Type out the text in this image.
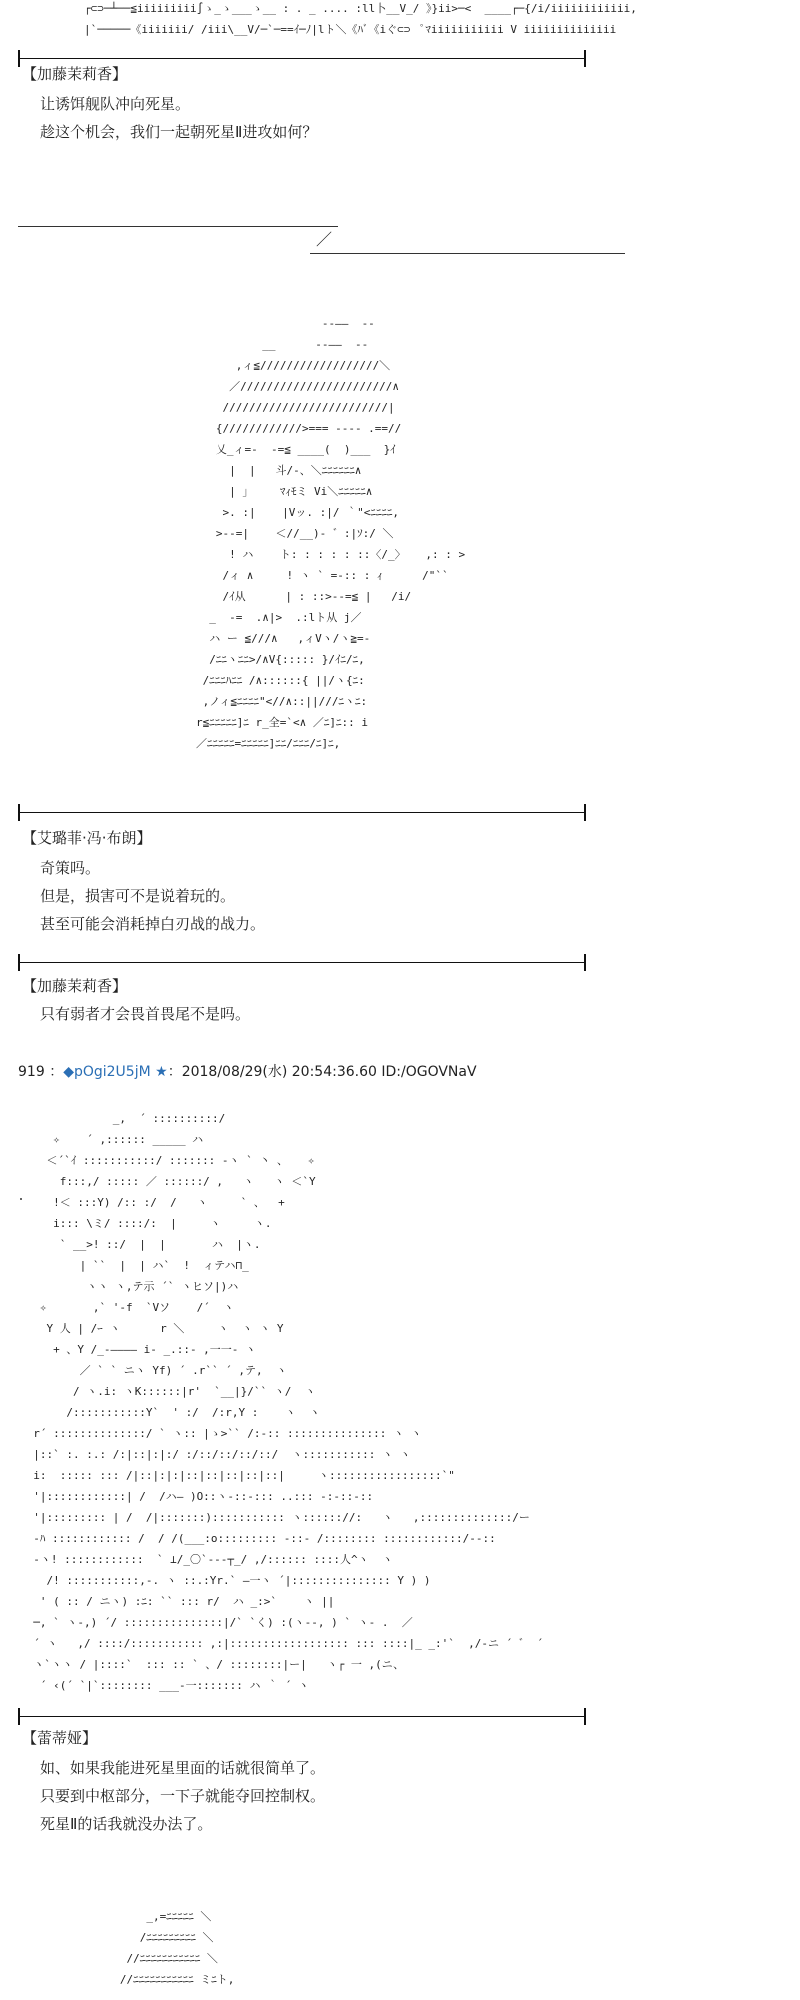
┌⊂⊃─┴──≦iiiiiiiii∫ゝ_ゝ___ゝ__ : . _ .... :ll卜__V_/ 》}ii>─<  ____┌─{/i/iiiiiiiiiiii,
|`─────《iiiiiii/ /iii\__V/─`─==ｲ─ﾉ|lト＼《ﾊﾞ《iぐ⊂⊃  ﾟﾏiiiiiiiiiii V iiiiiiiiiiiiii
【加藤茉莉香】
让诱饵舰队冲向死星。
趁这个机会，我们一起朝死星Ⅱ进攻如何？
／
__      ‐-――  ‐-
,ィ≦//////////////////＼
／///////////////////////∧
/////////////////////////|
{////////////>=== ---- .==//
乂_ィ=-  -=≦ ____(  )___  }ｲ
|  |   斗/-、＼ﾆﾆﾆﾆﾆﾆ∧
| 」    ﾏｨﾓミ Vi＼ﾆﾆﾆﾆﾆ∧
>. :|    |Vッ. :|/ ｀"<ﾆﾆﾆﾆ,
>--=|    ＜//__)- ゛:|ｿ:/ ＼
! ハ    ト: : : : : ::〈/_〉   ,: : >
/ィ ∧     ! ヽ ` =-:: : ｨ      /"``
/ｲ从      | : ::>--=≦ |   /i/
_  -=  .∧|>  .:lト从 j／
ハ ー ≦///∧   ,ィVヽ/ヽ≧=-
/ﾆﾆヽﾆﾆ>/∧V{::::: }/ｲﾆ/ﾆ,
/ﾆﾆﾆﾊﾆﾆ /∧::::::{ ||/ヽ{ﾆ:
,ノィ≦ﾆﾆﾆﾆ"<//∧::||///ﾆヽﾆ:
r≦ﾆﾆﾆﾆﾆ]ﾆ r_全=`<∧ ／ﾆ]ﾆ:: i
／ﾆﾆﾆﾆﾆ=ﾆﾆﾆﾆﾆ]ﾆﾆ/ﾆﾆﾆ/ﾆ]ﾆ,
‐-――  ‐-
【艾璐菲·冯·布朗】
奇策吗。
但是，损害可不是说着玩的。
甚至可能会消耗掉白刃战的战力。
【加藤茉莉香】
只有弱者才会畏首畏尾不是吗。
919 ：◆pOgi2U5jM ★：2018/08/29(水) 20:54:36.60 ID:/OGOVNaV
_,  ´ ::::::::::/
✧    ´ ,:::::: _____ ハ
＜´`ｲ :::::::::::/ ::::::: -ヽ ` 丶 、   ✧
f:::,/ ::::: ／ ::::::/ ,   ヽ   ヽ ＜`Y
!＜ :::Y) /:: :/  /   ヽ     ` 、  +
i::: \ミ/ ::::/:  |     ヽ     ヽ.
` __>! ::/  |  |       ハ  |ヽ.
| ``  |  | ハ`  !  ィテハ⊓_
ヽヽ ヽ,テ示 ´` ヽヒソ|)ハ
✧       ,` '-f  `Vソ    /´  ヽ
Y 人 | /ｰ ヽ      r ＼     ヽ  ヽ ヽ Y
+ 、Y /_-―――― i- _.::- ,一一- ヽ
／ ` ` ニヽ Yf) ´ .r`` ´ ,テ,  ヽ
/ ヽ.i: ヽK::::::|r'  `__|}/`` ヽ/  ヽ
/:::::::::::Y`  ' :/  /:r,Y :    ヽ  ヽ
r´ ::::::::::::::/ ` ヽ:: |ゝ>`` /:-:: ::::::::::::::: ヽ ヽ
|::` :. :.: /:|::|:|:/ :/::/::/::/::/  ヽ::::::::::: ヽ ヽ
i:  ::::: ::: /|::|:|:|::|::|::|::|::|     ヽ:::::::::::::::::`"
'|::::::::::::| /  /ハ― )O::ヽ-::-::: ..::: -:-::-::
'|::::::::: | /  /|:::::::)::::::::::: ヽ:::::://:   ヽ   ,::::::::::::::/ー
-ﾊ :::::::::::: /  / /(___:o::::::::: -::- /:::::::: ::::::::::::/--::
-ヽ! ::::::::::::  ` ⊥/_〇`---┬_/ ,/:::::: ::::人^ヽ  ヽ
/! :::::::::::,-. ヽ ::.:Yr.` ―一ヽ ´|::::::::::::::: Y ) )
' ( :: / ニヽ) :ﾆ: `` ::: r/  ハ _:>`    ヽ ||
─, ` ヽ-,) ´/ :::::::::::::::|/` `く) :(ヽ--, ) ` ヽ- .  ／
´ ヽ   ,/ ::::/::::::::::: ,:|:::::::::::::::::: ::: ::::|_ _:'`  ,/-ニ ´ ゛ ´
ヽ`ヽヽ / |::::`  ::: :: ` 、/ ::::::::|ー|   ヽ┌ 一 ,(ニ、
´ ‹(´ `|`:::::::: ___-一::::::: ハ ｀ ´ ヽ
【蕾蒂娅】
如、如果我能进死星里面的话就很简单了。
只要到中枢部分，一下子就能夺回控制权。
死星Ⅱ的话我就没办法了。
_,=ﾆﾆﾆﾆﾆ ＼
/ﾆﾆﾆﾆﾆﾆﾆﾆﾆ ＼
//ﾆﾆﾆﾆﾆﾆﾆﾆﾆﾆﾆ ＼
//ﾆﾆﾆﾆﾆﾆﾆﾆﾆﾆﾆ ミﾆト,
